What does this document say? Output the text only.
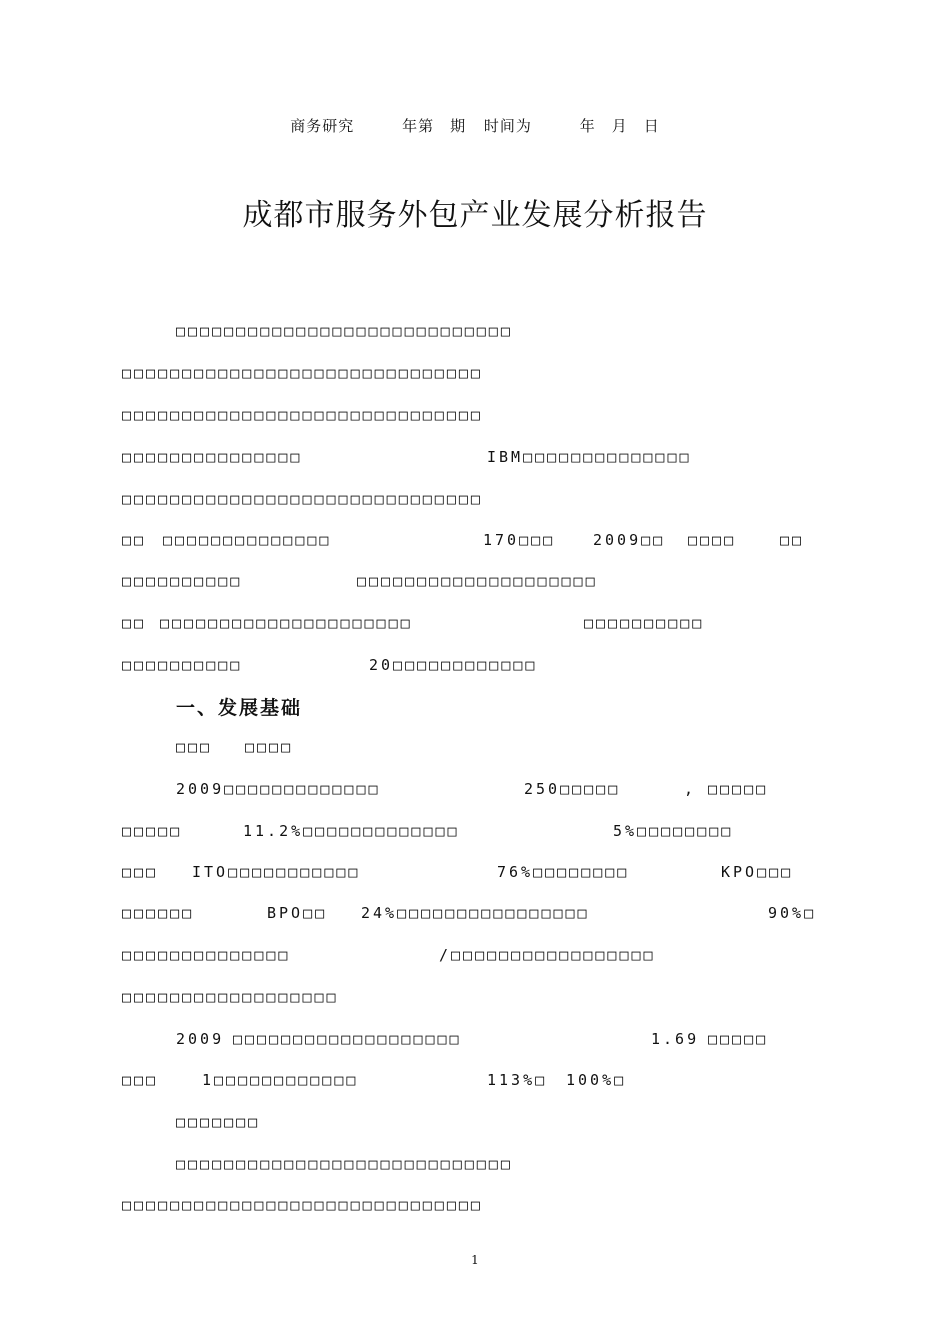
商务研究	年第　期 时间为	年　月　日
成都市服务外包产业发展分析报告
□□□□□□□□□□□□□□□□□□□□□□□□□□□□
□□□□□□□□□□□□□□□□□□□□□□□□□□□□□□
□□□□□□□□□□□□□□□□□□□□□□□□□□□□□□
□□□□□□□□□□□□□□□	IBM□□□□□□□□□□□□□□
□□□□□□□□□□□□□□□□□□□□□□□□□□□□□□
□□ □□□□□□□□□□□□□□	170□□□	2009□□ □□□□	□□
□□□□□□□□□□	□□□□□□□□□□□□□□□□□□□□
□□ □□□□□□□□□□□□□□□□□□□□□	□□□□□□□□□□
□□□□□□□□□□	20□□□□□□□□□□□□
□□□ □□□□
2009□□□□□□□□□□□□□	250□□□□□	, □□□□□
□□□□□	11.2%□□□□□□□□□□□□□	5%□□□□□□□□
□□□ ITO□□□□□□□□□□□	76%□□□□□□□□	KPO□□□
□□□□□□	BPO□□ 24%□□□□□□□□□□□□□□□□	90%□
□□□□□□□□□□□□□□	/□□□□□□□□□□□□□□□□□
□□□□□□□□□□□□□□□□□□
2009 □□□□□□□□□□□□□□□□□□□	1.69 □□□□□
□□□	1□□□□□□□□□□□□	113%□ 100%□
□□□□□□□
□□□□□□□□□□□□□□□□□□□□□□□□□□□□
□□□□□□□□□□□□□□□□□□□□□□□□□□□□□□
一、发展基础
1
